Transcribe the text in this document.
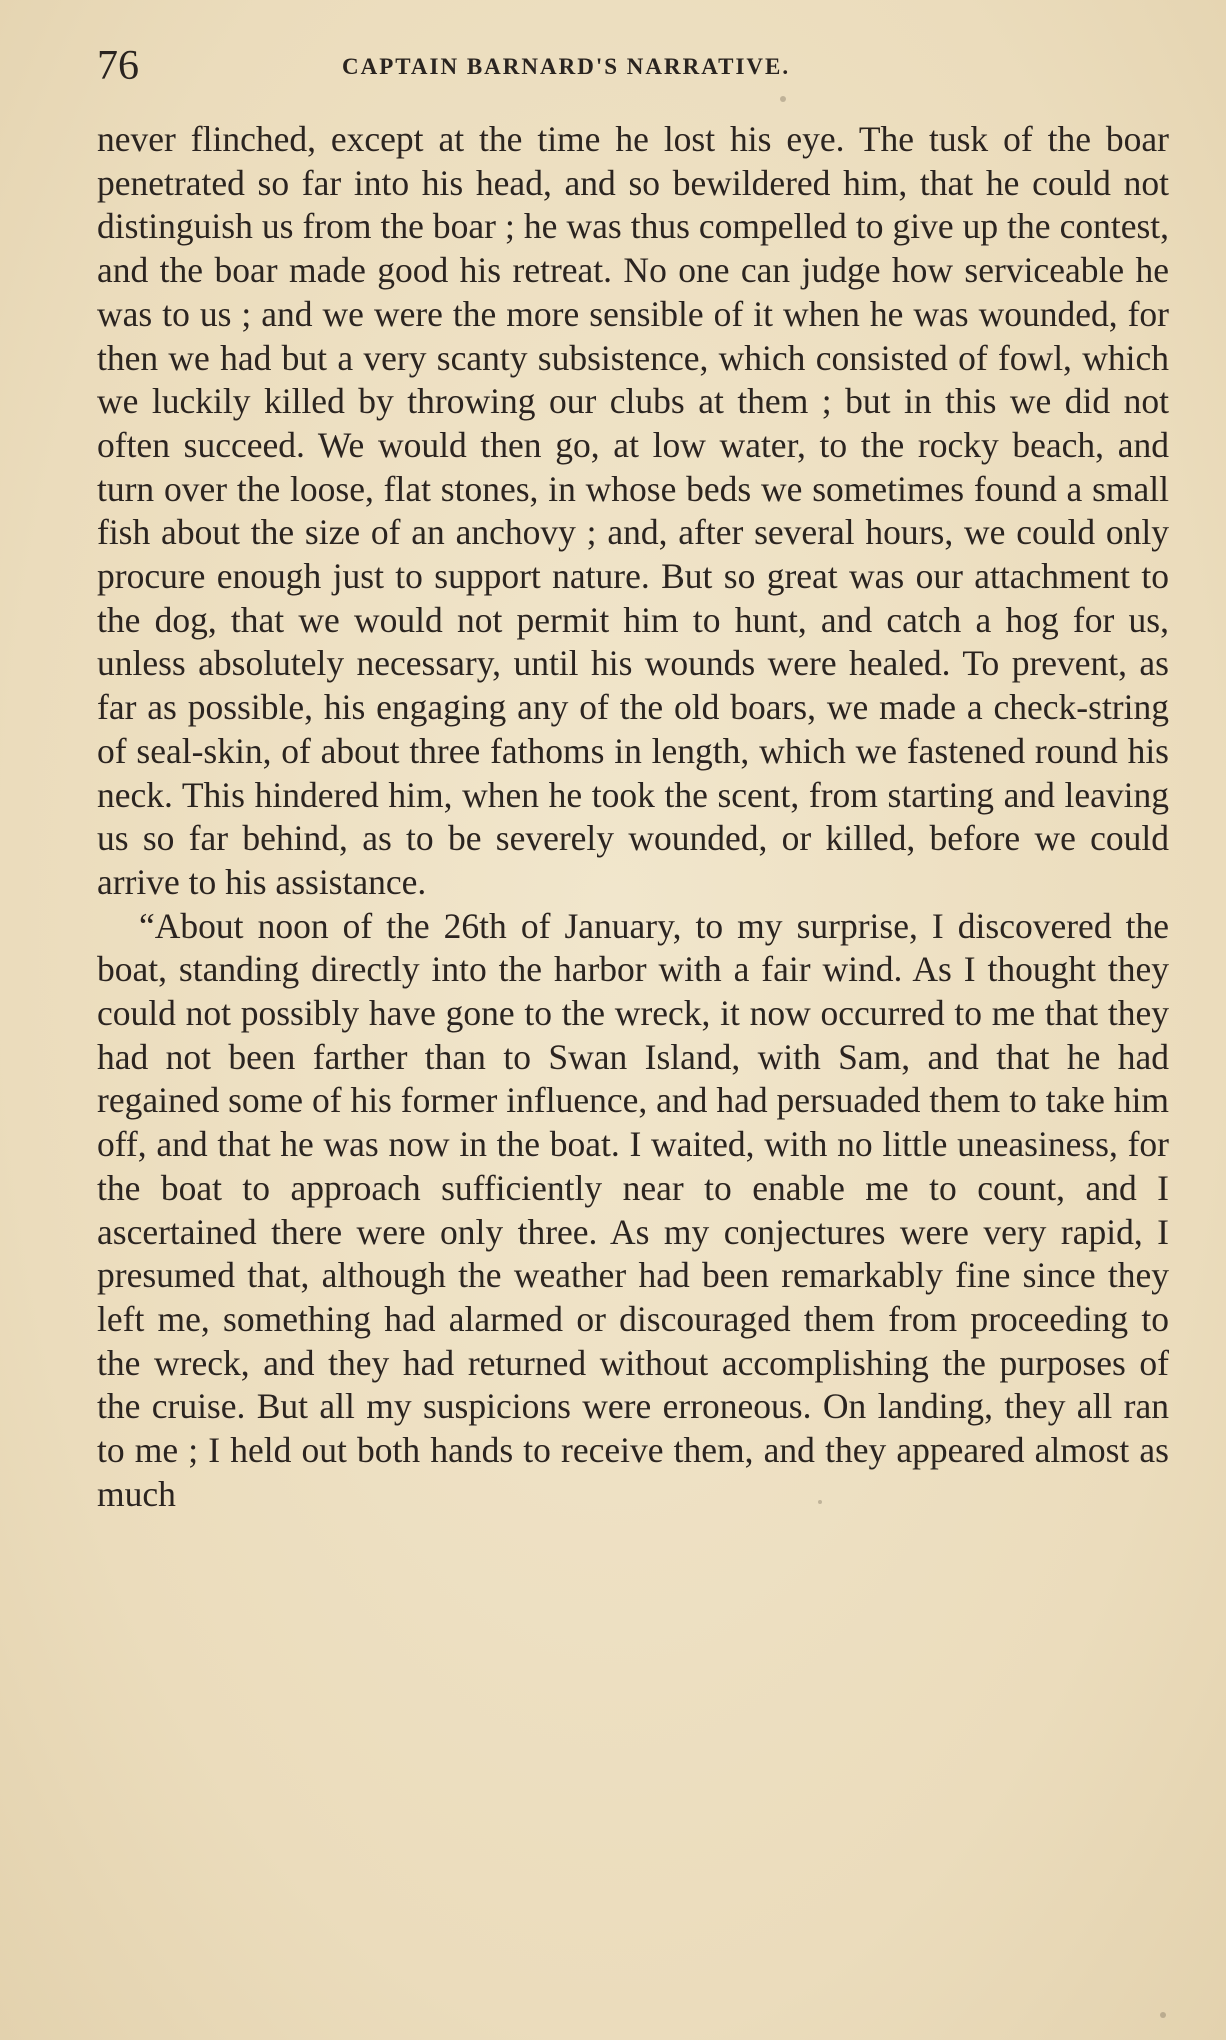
76	CAPTAIN BARNARD'S NARRATIVE.

never flinched, except at the time he lost his eye. The tusk of the boar penetrated so far into his head, and so bewildered him, that he could not distinguish us from the boar ; he was thus compelled to give up the contest, and the boar made good his retreat. No one can judge how serviceable he was to us ; and we were the more sensible of it when he was wounded, for then we had but a very scanty subsistence, which consisted of fowl, which we luckily killed by throwing our clubs at them ; but in this we did not often succeed. We would then go, at low water, to the rocky beach, and turn over the loose, flat stones, in whose beds we sometimes found a small fish about the size of an anchovy ; and, after several hours, we could only procure enough just to support nature. But so great was our attachment to the dog, that we would not permit him to hunt, and catch a hog for us, unless absolutely necessary, until his wounds were healed. To prevent, as far as possible, his engaging any of the old boars, we made a check-string of seal-skin, of about three fathoms in length, which we fastened round his neck. This hindered him, when he took the scent, from starting and leaving us so far behind, as to be severely wounded, or killed, before we could arrive to his assistance.

“About noon of the 26th of January, to my surprise, I discovered the boat, standing directly into the harbor with a fair wind. As I thought they could not possibly have gone to the wreck, it now occurred to me that they had not been farther than to Swan Island, with Sam, and that he had regained some of his former influence, and had persuaded them to take him off, and that he was now in the boat. I waited, with no little uneasiness, for the boat to approach sufficiently near to enable me to count, and I ascertained there were only three. As my conjectures were very rapid, I presumed that, although the weather had been remarkably fine since they left me, something had alarmed or discouraged them from proceeding to the wreck, and they had returned without accomplishing the purposes of the cruise. But all my suspicions were erroneous. On landing, they all ran to me ; I held out both hands to receive them, and they appeared almost as much
